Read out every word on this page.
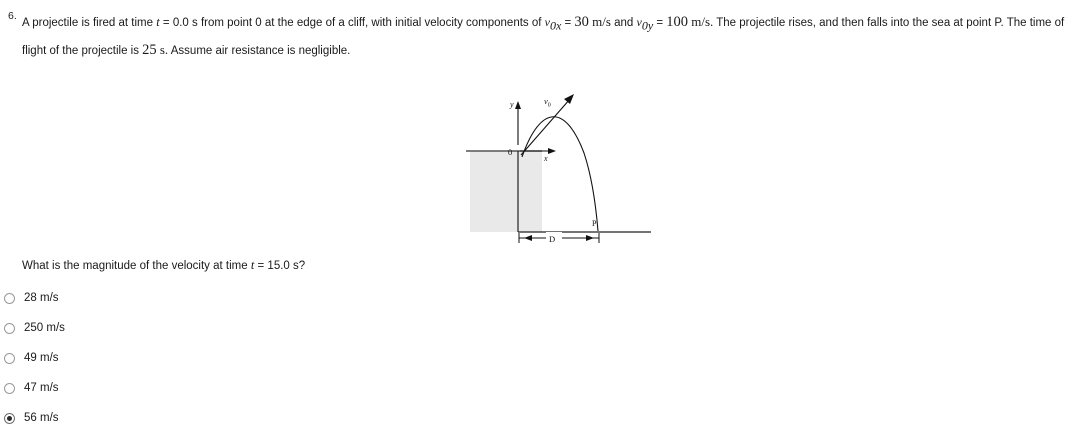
6.
A projectile is fired at time t = 0.0 s from point 0 at the edge of a cliff, with initial velocity components of v0x = 30 m/s and v0y = 100 m/s. The projectile rises, and then falls into the sea at point P. The time of flight of the projectile is 25 s. Assume air resistance is negligible.
y
x
0
$v_0$
P
D
What is the magnitude of the velocity at time t = 15.0 s?
28 m/s
250 m/s
49 m/s
47 m/s
56 m/s
